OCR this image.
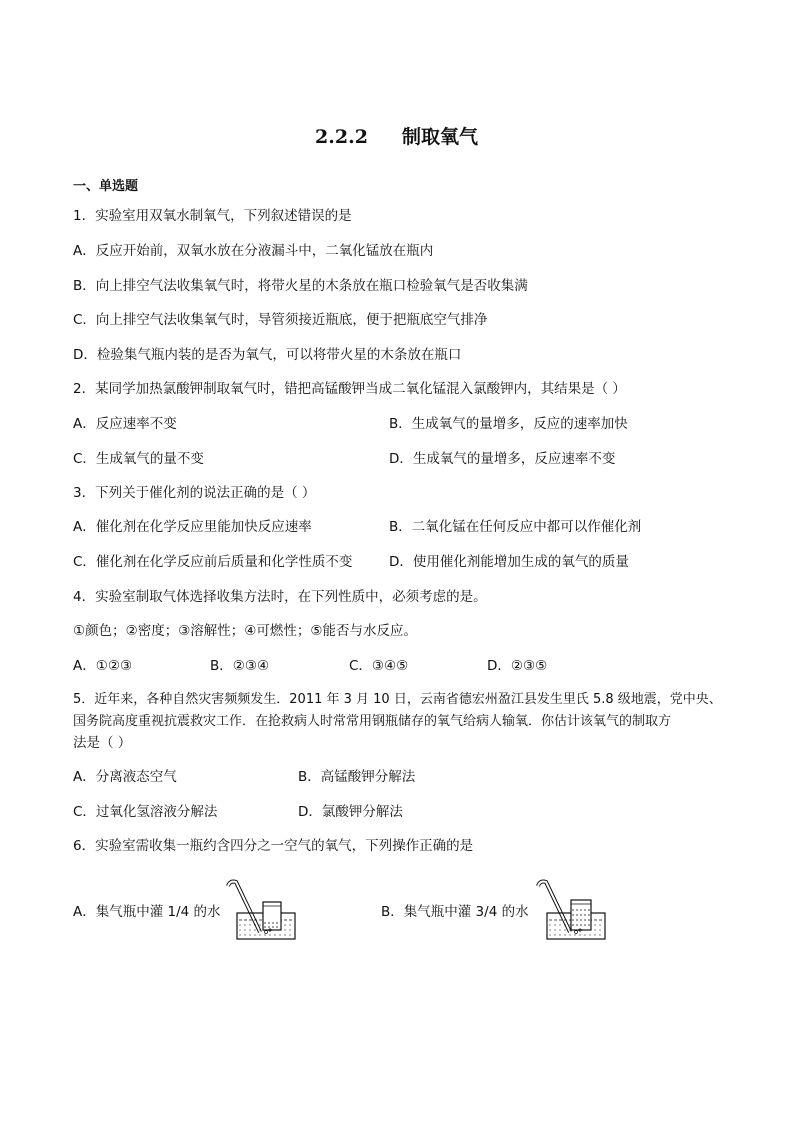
2.2.2 制取氧气
一、单选题
1．实验室用双氧水制氧气，下列叙述错误的是
A．反应开始前，双氧水放在分液漏斗中，二氧化锰放在瓶内
B．向上排空气法收集氧气时，将带火星的木条放在瓶口检验氧气是否收集满
C．向上排空气法收集氧气时，导管须接近瓶底，便于把瓶底空气排净
D．检验集气瓶内装的是否为氧气，可以将带火星的木条放在瓶口
2．某同学加热氯酸钾制取氧气时，错把高锰酸钾当成二氧化锰混入氯酸钾内，其结果是（ ）
A．反应速率不变	B．生成氧气的量增多，反应的速率加快
C．生成氧气的量不变	D．生成氧气的量增多，反应速率不变
3．下列关于催化剂的说法正确的是（ ）
A．催化剂在化学反应里能加快反应速率	B．二氧化锰在任何反应中都可以作催化剂
C．催化剂在化学反应前后质量和化学性质不变	D．使用催化剂能增加生成的氧气的质量
4．实验室制取气体选择收集方法时，在下列性质中，必须考虑的是。
①颜色；②密度；③溶解性；④可燃性；⑤能否与水反应。
A．①②③	B．②③④	C．③④⑤	D．②③⑤
5．近年来，各种自然灾害频频发生．2011 年 3 月 10 日，云南省德宏州盈江县发生里氏 5.8 级地震，党中央、
国务院高度重视抗震救灾工作．在抢救病人时常常用钢瓶储存的氧气给病人输氧．你估计该氧气的制取方
法是（ ）
A．分离液态空气	B．高锰酸钾分解法
C．过氧化氢溶液分解法	D．氯酸钾分解法
6．实验室需收集一瓶约含四分之一空气的氧气，下列操作正确的是
A．集气瓶中灌 1/4 的水	B．集气瓶中灌 3/4 的水
